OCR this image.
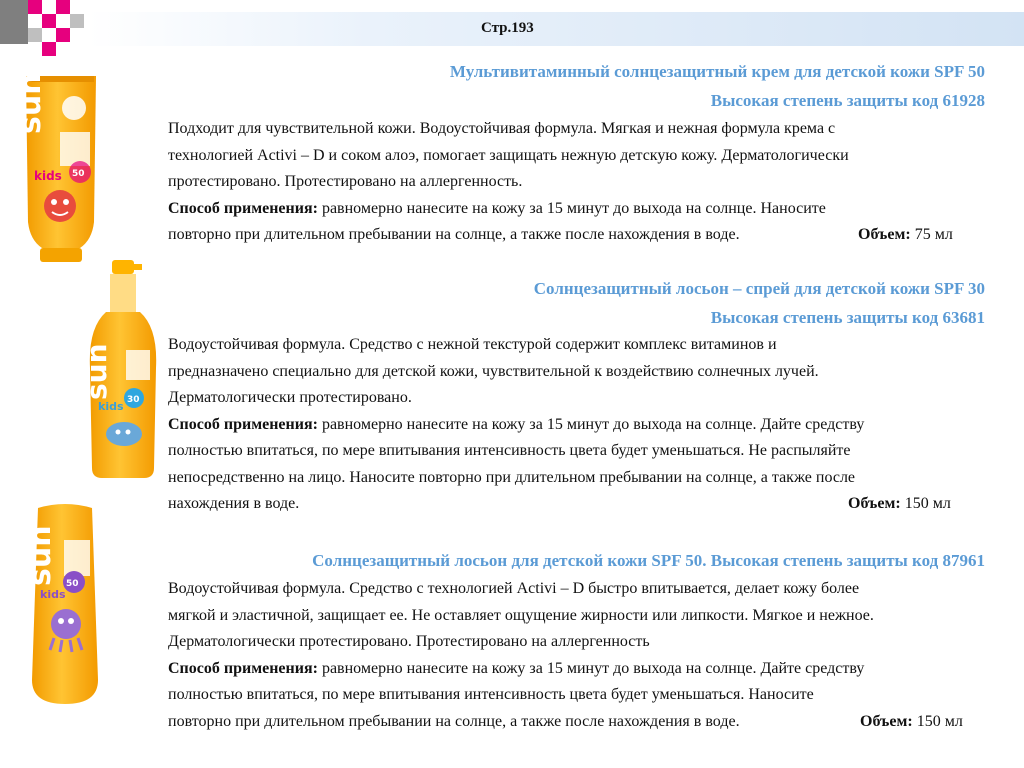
Стр.193
sun
50
kids
sun 30
kids
sun 50
kids
Мультивитаминный солнцезащитный крем для детской кожи SPF 50
Высокая степень защиты код 61928
Подходит для чувствительной кожи. Водоустойчивая формула. Мягкая и нежная формула крема с
технологией Activi – D и соком алоэ, помогает защищать нежную детскую кожу. Дерматологически
протестировано. Протестировано на аллергенность.
Способ применения: равномерно нанесите на кожу за 15 минут до выхода на солнце. Наносите
повторно при длительном пребывании на солнце, а также после нахождения в воде.	Объем: 75 мл
Солнцезащитный лосьон – спрей для детской кожи SPF 30
Высокая степень защиты код 63681
Водоустойчивая формула. Средство с нежной текстурой содержит комплекс витаминов и
предназначено специально для детской кожи, чувствительной к воздействию солнечных лучей.
Дерматологически протестировано.
Способ применения: равномерно нанесите на кожу за 15 минут до выхода на солнце. Дайте средству
полностью впитаться, по мере впитывания интенсивность цвета будет уменьшаться. Не распыляйте
непосредственно на лицо. Наносите повторно при длительном пребывании на солнце, а также после
нахождения в воде.	Объем: 150 мл
Солнцезащитный лосьон для детской кожи SPF 50. Высокая степень защиты код 87961
Водоустойчивая формула. Средство с технологией Activi – D быстро впитывается, делает кожу более
мягкой и эластичной, защищает ее. Не оставляет ощущение жирности или липкости. Мягкое и нежное.
Дерматологически протестировано. Протестировано на аллергенность
Способ применения: равномерно нанесите на кожу за 15 минут до выхода на солнце. Дайте средству
полностью впитаться, по мере впитывания интенсивность цвета будет уменьшаться. Наносите
повторно при длительном пребывании на солнце, а также после нахождения в воде.	Объем: 150 мл
